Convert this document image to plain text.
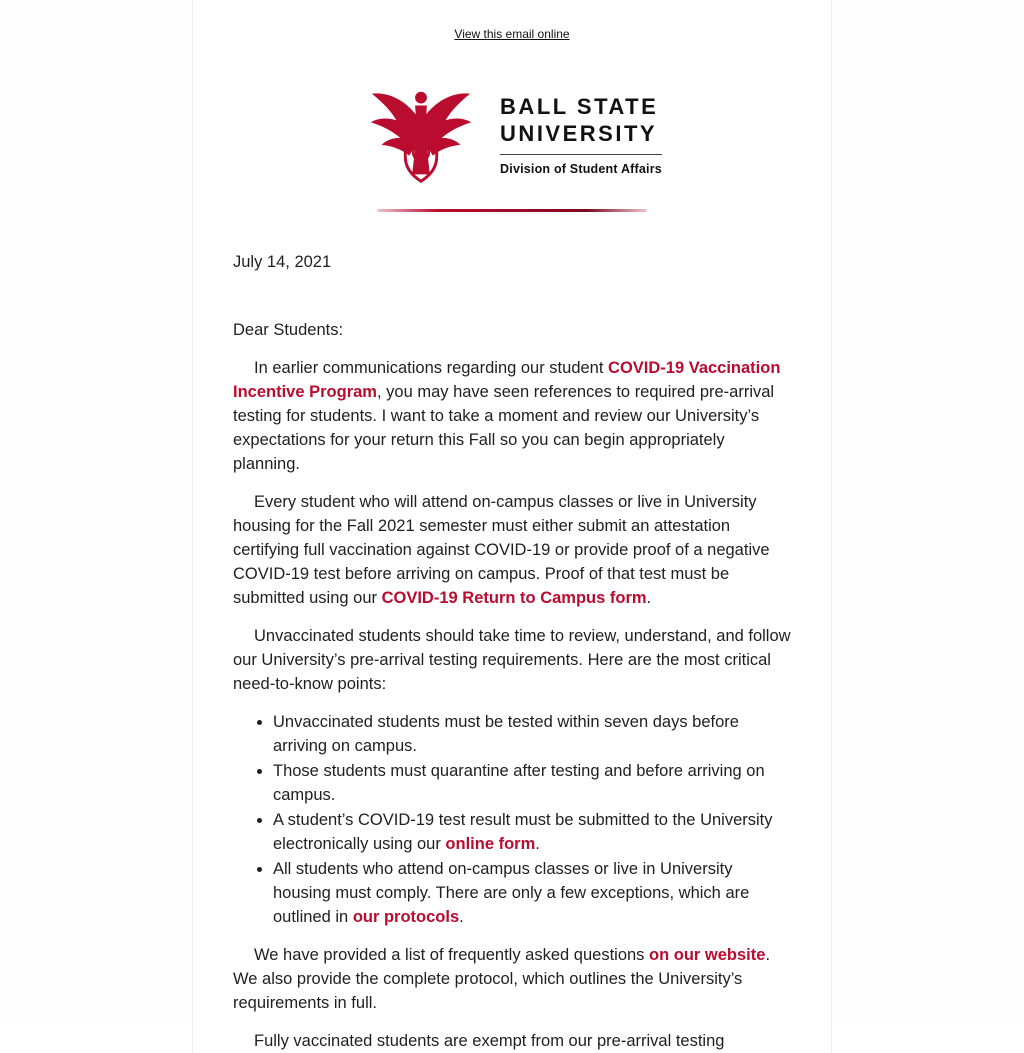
View this email online
BALL STATE
UNIVERSITY
Division of Student Affairs

July 14, 2021

Dear Students:

In earlier communications regarding our student COVID-19 Vaccination Incentive Program, you may have seen references to required pre-arrival testing for students. I want to take a moment and review our University’s expectations for your return this Fall so you can begin appropriately planning.

Every student who will attend on-campus classes or live in University housing for the Fall 2021 semester must either submit an attestation certifying full vaccination against COVID-19 or provide proof of a negative COVID-19 test before arriving on campus. Proof of that test must be submitted using our COVID-19 Return to Campus form.

Unvaccinated students should take time to review, understand, and follow our University’s pre-arrival testing requirements. Here are the most critical need-to-know points:

• Unvaccinated students must be tested within seven days before arriving on campus.
• Those students must quarantine after testing and before arriving on campus.
• A student’s COVID-19 test result must be submitted to the University electronically using our online form.
• All students who attend on-campus classes or live in University housing must comply. There are only a few exceptions, which are outlined in our protocols.

We have provided a list of frequently asked questions on our website. We also provide the complete protocol, which outlines the University’s requirements in full.

Fully vaccinated students are exempt from our pre-arrival testing
